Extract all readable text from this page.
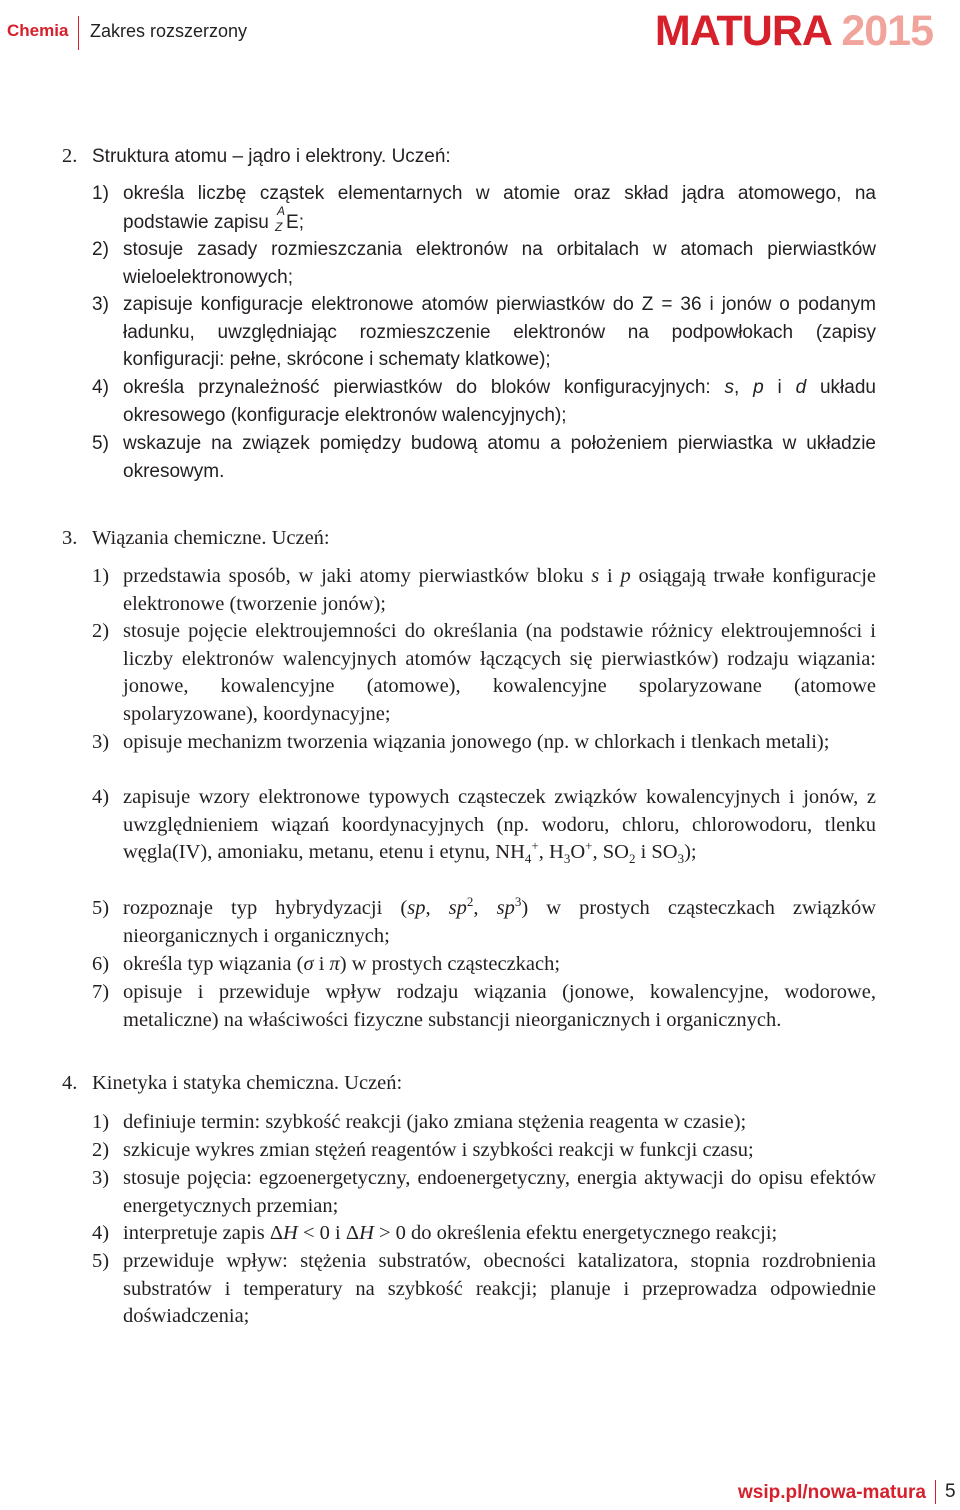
Chemia Zakres rozszerzony	MATURA 2015
2. Struktura atomu – jądro i elektrony. Uczeń:
1) określa liczbę cząstek elementarnych w atomie oraz skład jądra atomowego, na podstawie zapisu
A
Z E;
2) stosuje zasady rozmieszczania elektronów na orbitalach w atomach pierwiastków wieloelektronowych;
3) zapisuje konfiguracje elektronowe atomów pierwiastków do Z = 36 i jonów o podanym ładunku, uwzględniając rozmieszczenie elektronów na podpowłokach (zapisy konfiguracji: pełne, skrócone i schematy klatkowe);
4) określa przynależność pierwiastków do bloków konfiguracyjnych: s, p i d układu okresowego (konfiguracje elektronów walencyjnych);
5) wskazuje na związek pomiędzy budową atomu a położeniem pierwiastka w układzie okresowym.
3. Wiązania chemiczne. Uczeń:
1) przedstawia sposób, w jaki atomy pierwiastków bloku s i p osiągają trwałe konfiguracje elektronowe (tworzenie jonów);
2) stosuje pojęcie elektroujemności do określania (na podstawie różnicy elektroujemności i liczby elektronów walencyjnych atomów łączących się pierwiastków) rodzaju wiązania: jonowe, kowalencyjne (atomowe), kowalencyjne spolaryzowane (atomowe spolaryzowane), koordynacyjne;
3) opisuje mechanizm tworzenia wiązania jonowego (np. w chlorkach i tlenkach metali);
4) zapisuje wzory elektronowe typowych cząsteczek związków kowalencyjnych i jonów, z uwzględnieniem wiązań koordynacyjnych (np. wodoru, chloru, chlorowodoru, tlenku węgla(IV), amoniaku, metanu, etenu i etynu, $NH_4^+$, $H_3O^+$, $SO_2$ i $SO_3$);
5) rozpoznaje typ hybrydyzacji (sp, $sp^2$, $sp^3$) w prostych cząsteczkach związków nieorganicznych i organicznych;
6) określa typ wiązania (σ i π) w prostych cząsteczkach;
7) opisuje i przewiduje wpływ rodzaju wiązania (jonowe, kowalencyjne, wodorowe, metaliczne) na właściwości fizyczne substancji nieorganicznych i organicznych.
4. Kinetyka i statyka chemiczna. Uczeń:
1) definiuje termin: szybkość reakcji (jako zmiana stężenia reagenta w czasie);
2) szkicuje wykres zmian stężeń reagentów i szybkości reakcji w funkcji czasu;
3) stosuje pojęcia: egzoenergetyczny, endoenergetyczny, energia aktywacji do opisu efektów energetycznych przemian;
4) interpretuje zapis ΔH < 0 i ΔH > 0 do określenia efektu energetycznego reakcji;
5) przewiduje wpływ: stężenia substratów, obecności katalizatora, stopnia rozdrobnienia substratów i temperatury na szybkość reakcji; planuje i przeprowadza odpowiednie doświadczenia;
wsip.pl/nowa-matura 5
